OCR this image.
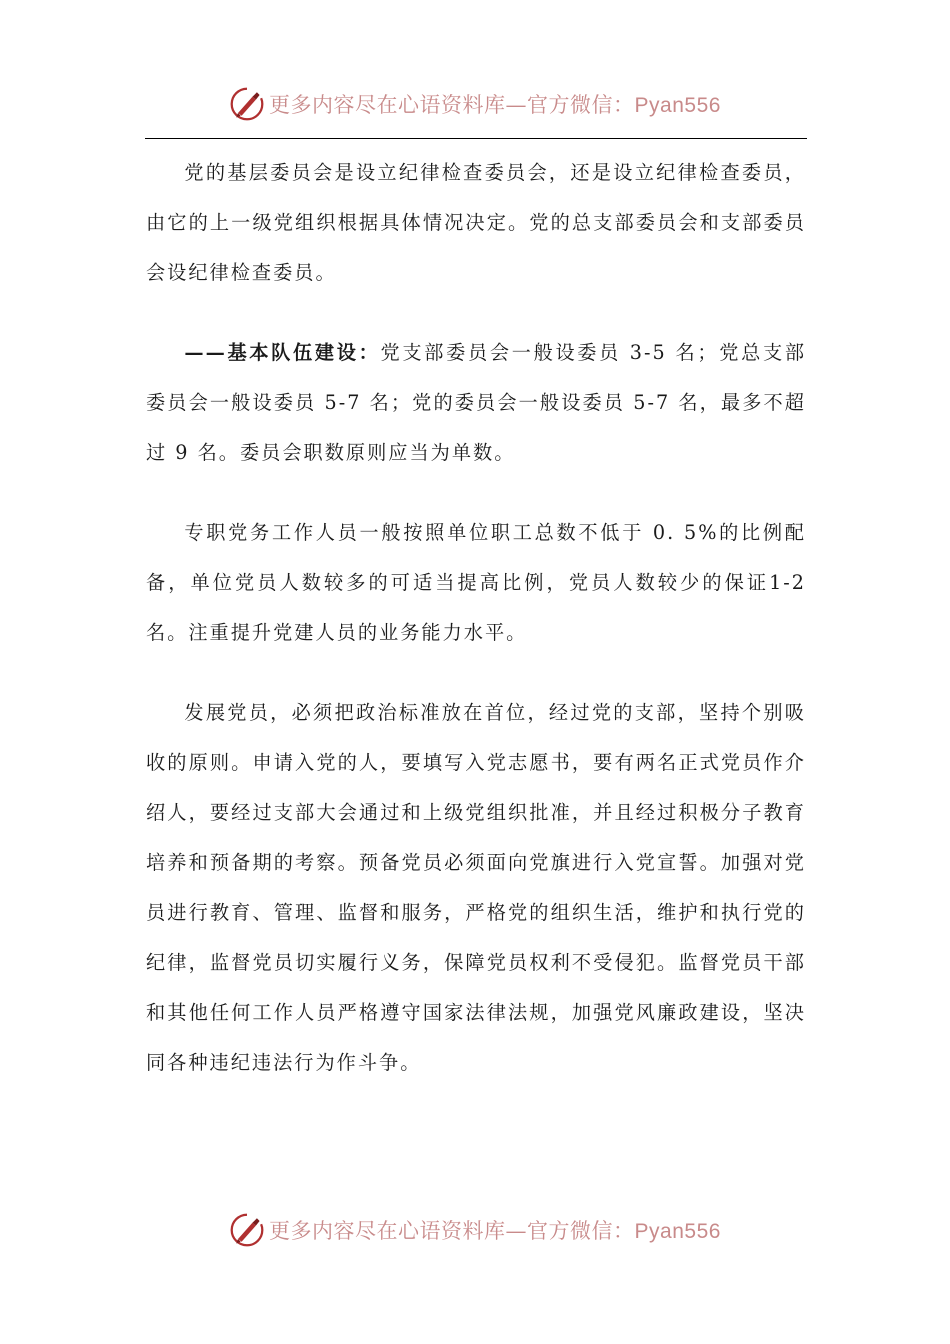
更多内容尽在心语资料库—官方微信：Pyan556

党的基层委员会是设立纪律检查委员会，还是设立纪律检查委员，由它的上一级党组织根据具体情况决定。党的总支部委员会和支部委员会设纪律检查委员。

——基本队伍建设：党支部委员会一般设委员 3-5 名；党总支部委员会一般设委员 5-7 名；党的委员会一般设委员 5-7 名，最多不超过 9 名。委员会职数原则应当为单数。

专职党务工作人员一般按照单位职工总数不低于 0. 5%的比例配备，单位党员人数较多的可适当提高比例，党员人数较少的保证1-2 名。注重提升党建人员的业务能力水平。

发展党员，必须把政治标准放在首位，经过党的支部，坚持个别吸收的原则。申请入党的人，要填写入党志愿书，要有两名正式党员作介绍人，要经过支部大会通过和上级党组织批准，并且经过积极分子教育培养和预备期的考察。预备党员必须面向党旗进行入党宣誓。加强对党员进行教育、管理、监督和服务，严格党的组织生活，维护和执行党的纪律，监督党员切实履行义务，保障党员权利不受侵犯。监督党员干部和其他任何工作人员严格遵守国家法律法规，加强党风廉政建设，坚决同各种违纪违法行为作斗争。

更多内容尽在心语资料库—官方微信：Pyan556
